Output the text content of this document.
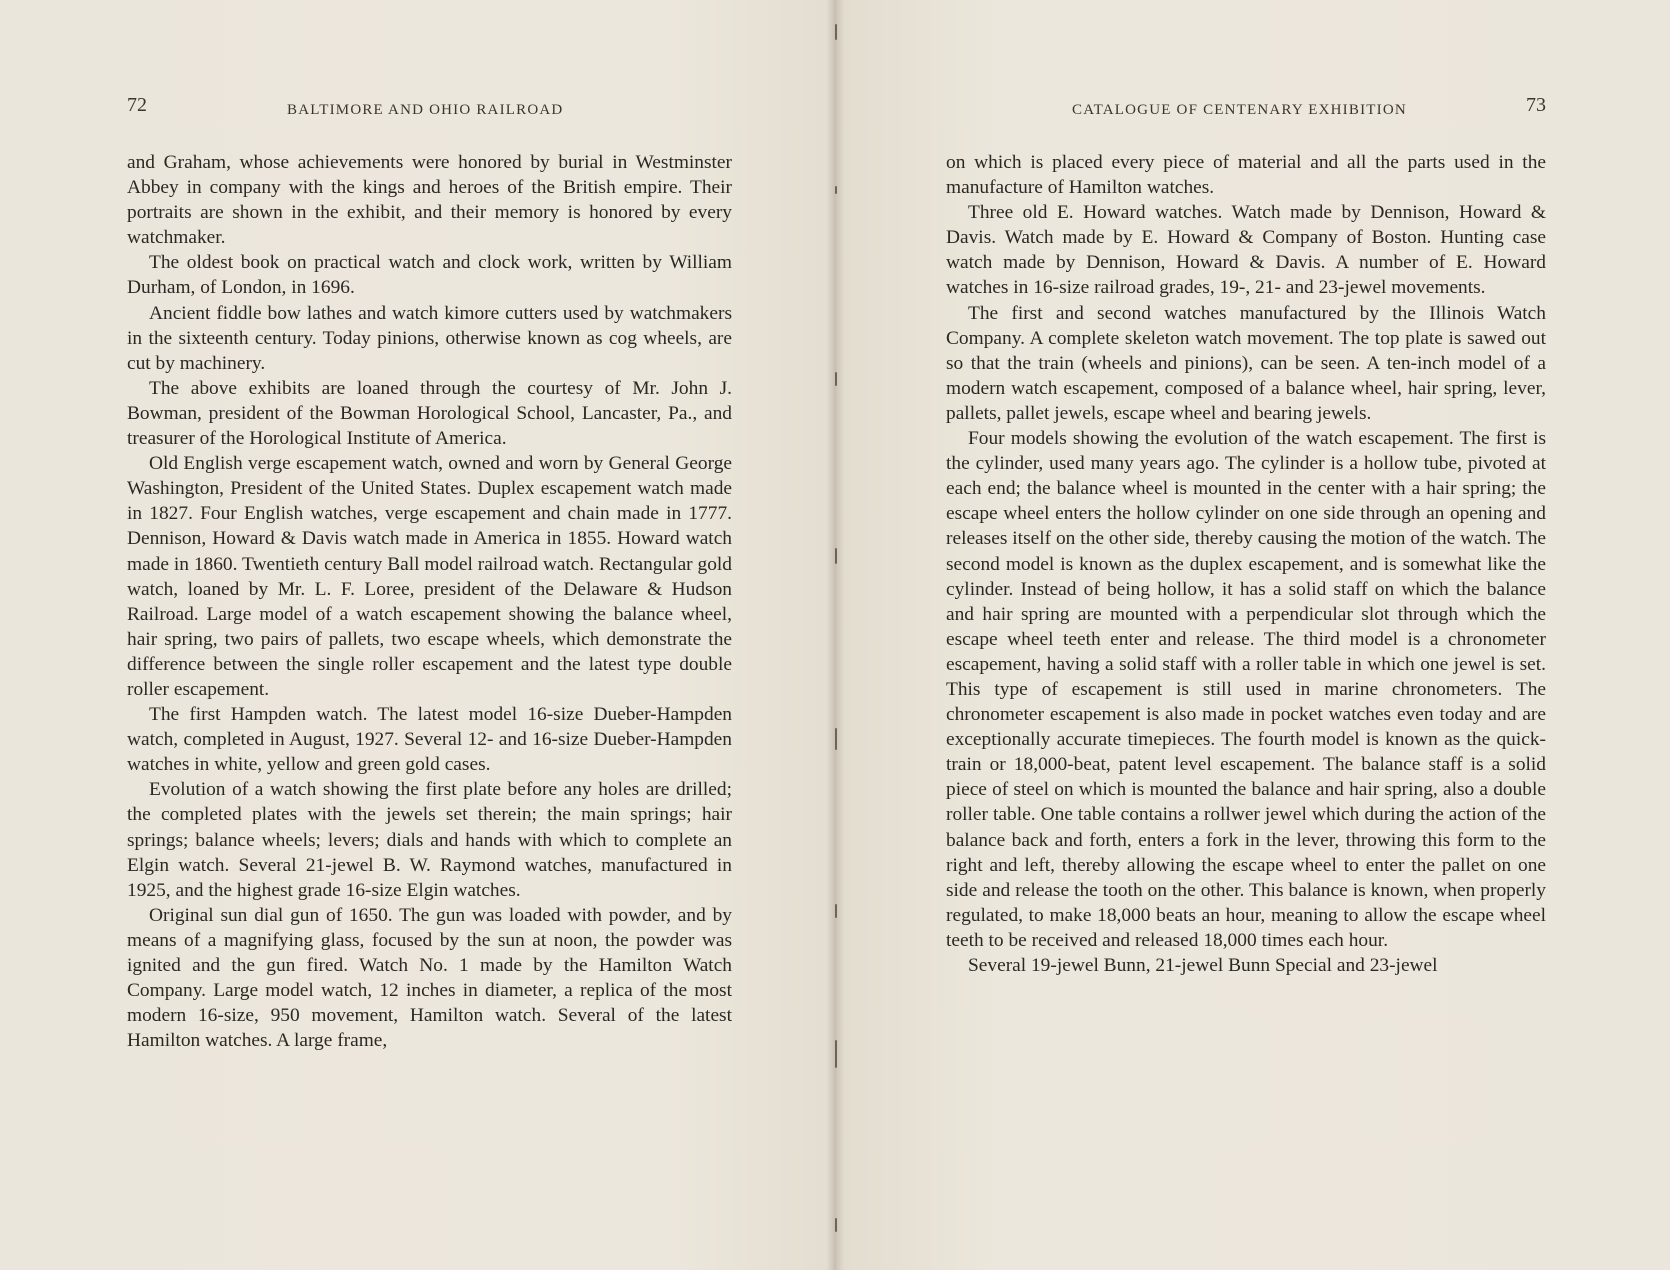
72	BALTIMORE AND OHIO RAILROAD

and Graham, whose achievements were honored by burial in Westminster Abbey in company with the kings and heroes of the British empire. Their portraits are shown in the exhibit, and their memory is honored by every watchmaker.

The oldest book on practical watch and clock work, written by William Durham, of London, in 1696.

Ancient fiddle bow lathes and watch kimore cutters used by watchmakers in the sixteenth century. Today pinions, otherwise known as cog wheels, are cut by machinery.

The above exhibits are loaned through the courtesy of Mr. John J. Bowman, president of the Bowman Horological School, Lancaster, Pa., and treasurer of the Horological Institute of America.

Old English verge escapement watch, owned and worn by General George Washington, President of the United States. Duplex escapement watch made in 1827. Four English watches, verge escapement and chain made in 1777. Dennison, Howard & Davis watch made in America in 1855. Howard watch made in 1860. Twentieth century Ball model railroad watch. Rectangular gold watch, loaned by Mr. L. F. Loree, president of the Delaware & Hudson Railroad. Large model of a watch escapement showing the balance wheel, hair spring, two pairs of pallets, two escape wheels, which demonstrate the difference between the single roller escapement and the latest type double roller escapement.

The first Hampden watch. The latest model 16-size Dueber-Hampden watch, completed in August, 1927. Several 12- and 16-size Dueber-Hampden watches in white, yellow and green gold cases.

Evolution of a watch showing the first plate before any holes are drilled; the completed plates with the jewels set therein; the main springs; hair springs; balance wheels; levers; dials and hands with which to complete an Elgin watch. Several 21-jewel B. W. Raymond watches, manufactured in 1925, and the highest grade 16-size Elgin watches.

Original sun dial gun of 1650. The gun was loaded with powder, and by means of a magnifying glass, focused by the sun at noon, the powder was ignited and the gun fired. Watch No. 1 made by the Hamilton Watch Company. Large model watch, 12 inches in diameter, a replica of the most modern 16-size, 950 movement, Hamilton watch. Several of the latest Hamilton watches. A large frame,

CATALOGUE OF CENTENARY EXHIBITION	73

on which is placed every piece of material and all the parts used in the manufacture of Hamilton watches.

Three old E. Howard watches. Watch made by Dennison, Howard & Davis. Watch made by E. Howard & Company of Boston. Hunting case watch made by Dennison, Howard & Davis. A number of E. Howard watches in 16-size railroad grades, 19-, 21- and 23-jewel movements.

The first and second watches manufactured by the Illinois Watch Company. A complete skeleton watch movement. The top plate is sawed out so that the train (wheels and pinions), can be seen. A ten-inch model of a modern watch escapement, composed of a balance wheel, hair spring, lever, pallets, pallet jewels, escape wheel and bearing jewels.

Four models showing the evolution of the watch escapement. The first is the cylinder, used many years ago. The cylinder is a hollow tube, pivoted at each end; the balance wheel is mounted in the center with a hair spring; the escape wheel enters the hollow cylinder on one side through an opening and releases itself on the other side, thereby causing the motion of the watch. The second model is known as the duplex escapement, and is somewhat like the cylinder. Instead of being hollow, it has a solid staff on which the balance and hair spring are mounted with a perpendicular slot through which the escape wheel teeth enter and release. The third model is a chronometer escapement, having a solid staff with a roller table in which one jewel is set. This type of escapement is still used in marine chronometers. The chronometer escapement is also made in pocket watches even today and are exceptionally accurate timepieces. The fourth model is known as the quick-train or 18,000-beat, patent level escapement. The balance staff is a solid piece of steel on which is mounted the balance and hair spring, also a double roller table. One table contains a rollwer jewel which during the action of the balance back and forth, enters a fork in the lever, throwing this form to the right and left, thereby allowing the escape wheel to enter the pallet on one side and release the tooth on the other. This balance is known, when properly regulated, to make 18,000 beats an hour, meaning to allow the escape wheel teeth to be received and released 18,000 times each hour.

Several 19-jewel Bunn, 21-jewel Bunn Special and 23-jewel
